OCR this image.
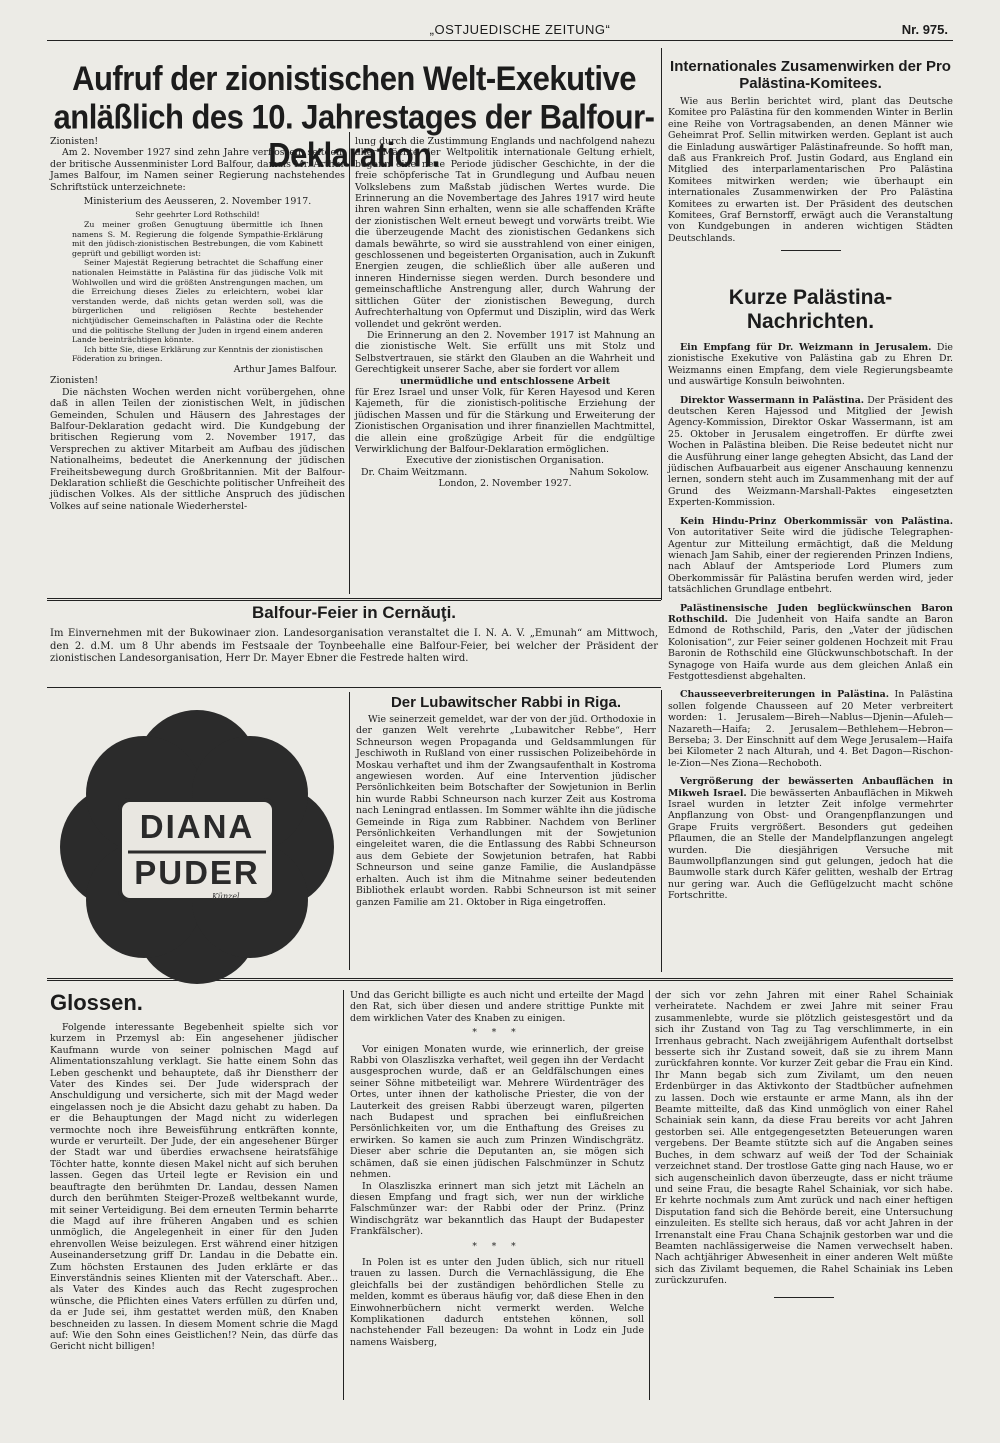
„OSTJUEDISCHE ZEITUNG“	Nr. 975.
Aufruf der zionistischen Welt-Exekutive anläßlich des 10. Jahrestages der Balfour-Deklaration.

Zionisten!

Am 2. November 1927 sind zehn Jahre verflossen, seitdem der britische Aussenminister Lord Balfour, damals Mr. Arthur James Balfour, im Namen seiner Regierung nachstehendes Schriftstück unterzeichnete:

Ministerium des Aeusseren, 2. November 1917.

Sehr geehrter Lord Rothschild!

Zu meiner großen Genugtuung übermittle ich Ihnen namens S. M. Regierung die folgende Sympathie-Erklärung mit den jüdisch-zionistischen Bestrebungen, die vom Kabinett geprüft und gebilligt worden ist:

Seiner Majestät Regierung betrachtet die Schaffung einer nationalen Heimstätte in Palästina für das jüdische Volk mit Wohlwollen und wird die größten Anstrengungen machen, um die Erreichung dieses Zieles zu erleichtern, wobei klar verstanden werde, daß nichts getan werden soll, was die bürgerlichen und religiösen Rechte bestehender nichtjüdischer Gemeinschaften in Palästina oder die Rechte und die politische Stellung der Juden in irgend einem anderen Lande beeinträchtigen könnte.

Ich bitte Sie, diese Erklärung zur Kenntnis der zionistischen Föderation zu bringen.

Arthur James Balfour.

Zionisten!

Die nächsten Wochen werden nicht vorübergehen, ohne daß in allen Teilen der zionistischen Welt, in jüdischen Gemeinden, Schulen und Häusern des Jahrestages der Balfour-Deklaration gedacht wird. Die Kundgebung der britischen Regierung vom 2. November 1917, das Versprechen zu aktiver Mitarbeit am Aufbau des jüdischen Nationalheims, bedeutet die Anerkennung der jüdischen Freiheitsbewegung durch Großbritannien. Mit der Balfour-Deklaration schließt die Geschichte politischer Unfreiheit des jüdischen Volkes. Als der sittliche Anspruch des jüdischen Volkes auf seine nationale Wiederherstel-

lung durch die Zustimmung Englands und nachfolgend nahezu aller Mächte der Weltpolitik internationale Geltung erhielt, begann eine neue Periode jüdischer Geschichte, in der die freie schöpferische Tat in Grundlegung und Aufbau neuen Volkslebens zum Maßstab jüdischen Wertes wurde. Die Erinnerung an die Novembertage des Jahres 1917 wird heute ihren wahren Sinn erhalten, wenn sie alle schaffenden Kräfte der zionistischen Welt erneut bewegt und vorwärts treibt. Wie die überzeugende Macht des zionistischen Gedankens sich damals bewährte, so wird sie ausstrahlend von einer einigen, geschlossenen und begeisterten Organisation, auch in Zukunft Energien zeugen, die schließlich über alle außeren und inneren Hindernisse siegen werden. Durch besondere und gemeinschaftliche Anstrengung aller, durch Wahrung der sittlichen Güter der zionistischen Bewegung, durch Aufrechterhaltung von Opfermut und Disziplin, wird das Werk vollendet und gekrönt werden.

Die Erinnerung an den 2. November 1917 ist Mahnung an die zionistische Welt. Sie erfüllt uns mit Stolz und Selbstvertrauen, sie stärkt den Glauben an die Wahrheit und Gerechtigkeit unserer Sache, aber sie fordert vor allem

unermüdliche und entschlossene Arbeit

für Erez Israel und unser Volk, für Keren Hayesod und Keren Kajemeth, für die zionistisch-politische Erziehung der jüdischen Massen und für die Stärkung und Erweiterung der Zionistischen Organisation und ihrer finanziellen Machtmittel, die allein eine großzügige Arbeit für die endgültige Verwirklichung der Balfour-Deklaration ermöglichen.

Executive der zionistischen Organisation.

Dr. Chaim Weitzmann.	Nahum Sokolow.

London, 2. November 1927.

Internationales Zusamenwirken der Pro Palästina-Komitees.

Wie aus Berlin berichtet wird, plant das Deutsche Komitee pro Palästina für den kommenden Winter in Berlin eine Reihe von Vortragsabenden, an denen Männer wie Geheimrat Prof. Sellin mitwirken werden. Geplant ist auch die Einladung auswärtiger Palästinafreunde. So hofft man, daß aus Frankreich Prof. Justin Godard, aus England ein Mitglied des interparlamentarischen Pro Palästina Komitees mitwirken werden; wie überhaupt ein internationales Zusammenwirken der Pro Palästina Komitees zu erwarten ist. Der Präsident des deutschen Komitees, Graf Bernstorff, erwägt auch die Veranstaltung von Kundgebungen in anderen wichtigen Städten Deutschlands.

Kurze Palästina-Nachrichten.

Ein Empfang für Dr. Weizmann in Jerusalem. Die zionistische Exekutive von Palästina gab zu Ehren Dr. Weizmanns einen Empfang, dem viele Regierungsbeamte und auswärtige Konsuln beiwohnten.

Direktor Wassermann in Palästina. Der Präsident des deutschen Keren Hajessod und Mitglied der Jewish Agency-Kommission, Direktor Oskar Wassermann, ist am 25. Oktober in Jerusalem eingetroffen. Er dürfte zwei Wochen in Palästina bleiben. Die Reise bedeutet nicht nur die Ausführung einer lange gehegten Absicht, das Land der jüdischen Aufbauarbeit aus eigener Anschauung kennenzu lernen, sondern steht auch im Zusammenhang mit der auf Grund des Weizmann-Marshall-Paktes eingesetzten Experten-Kommission.

Kein Hindu-Prinz Oberkommissär von Palästina. Von autoritativer Seite wird die jüdische Telegraphen-Agentur zur Mitteilung ermächtigt, daß die Meldung wienach Jam Sahib, einer der regierenden Prinzen Indiens, nach Ablauf der Amtsperiode Lord Plumers zum Oberkommissär für Palästina berufen werden wird, jeder tatsächlichen Grundlage entbehrt.

Palästinensische Juden beglückwünschen Baron Rothschild. Die Judenheit von Haifa sandte an Baron Edmond de Rothschild, Paris, den „Vater der jüdischen Kolonisation“, zur Feier seiner goldenen Hochzeit mit Frau Baronin de Rothschild eine Glückwunschbotschaft. In der Synagoge von Haifa wurde aus dem gleichen Anlaß ein Festgottesdienst abgehalten.

Chausseeverbreiterungen in Palästina. In Palästina sollen folgende Chausseen auf 20 Meter verbreitert worden: 1. Jerusalem—Bireh—Nablus—Djenin—Afuleh—Nazareth—Haifa; 2. Jerusalem—Bethlehem—Hebron—Berseba; 3. Der Einschnitt auf dem Wege Jerusalem—Haifa bei Kilometer 2 nach Alturah, und 4. Bet Dagon—Rischon-le-Zion—Nes Ziona—Rechoboth.

Vergrößerung der bewässerten Anbauflächen in Mikweh Israel. Die bewässerten Anbauflächen in Mikweh Israel wurden in letzter Zeit infolge vermehrter Anpflanzung von Obst- und Orangenpflanzungen und Grape Fruits vergrößert. Besonders gut gedeihen Pflaumen, die an Stelle der Mandelpflanzungen angelegt wurden. Die diesjährigen Versuche mit Baumwollpflanzungen sind gut gelungen, jedoch hat die Baumwolle stark durch Käfer gelitten, weshalb der Ertrag nur gering war. Auch die Geflügelzucht macht schöne Fortschritte.

Balfour-Feier in Cernăuţi.

Im Einvernehmen mit der Bukowinaer zion. Landesorganisation veranstaltet die I. N. A. V. „Emunah“ am Mittwoch, den 2. d.M. um 8 Uhr abends im Festsaale der Toynbeehalle eine Balfour-Feier, bei welcher der Präsident der zionistischen Landesorganisation, Herr Dr. Mayer Ebner die Festrede halten wird.

DIANA
PUDER
Künzel
Der Lubawitscher Rabbi in Riga.

Wie seinerzeit gemeldet, war der von der jüd. Orthodoxie in der ganzen Welt verehrte „Lubawitcher Rebbe“, Herr Schneurson wegen Propaganda und Geldsammlungen für Jeschiwoth in Rußland von einer russischen Polizeibehörde in Moskau verhaftet und ihm der Zwangsaufenthalt in Kostroma angewiesen worden. Auf eine Intervention jüdischer Persönlichkeiten beim Botschafter der Sowjetunion in Berlin hin wurde Rabbi Schneurson nach kurzer Zeit aus Kostroma nach Leningrad entlassen. Im Sommer wählte ihn die jüdische Gemeinde in Riga zum Rabbiner. Nachdem von Berliner Persönlichkeiten Verhandlungen mit der Sowjetunion eingeleitet waren, die die Entlassung des Rabbi Schneurson aus dem Gebiete der Sowjetunion betrafen, hat Rabbi Schneurson und seine ganze Familie, die Auslandpässe erhalten. Auch ist ihm die Mitnahme seiner bedeutenden Bibliothek erlaubt worden. Rabbi Schneurson ist mit seiner ganzen Familie am 21. Oktober in Riga eingetroffen.

Glossen.

Folgende interessante Begebenheit spielte sich vor kurzem in Przemysl ab: Ein angesehener jüdischer Kaufmann wurde von seiner polnischen Magd auf Alimentationszahlung verklagt. Sie hatte einem Sohn das Leben geschenkt und behauptete, daß ihr Dienstherr der Vater des Kindes sei. Der Jude widersprach der Anschuldigung und versicherte, sich mit der Magd weder eingelassen noch je die Absicht dazu gehabt zu haben. Da er die Behauptungen der Magd nicht zu widerlegen vermochte noch ihre Beweisführung entkräften konnte, wurde er verurteilt. Der Jude, der ein angesehener Bürger der Stadt war und überdies erwachsene heiratsfähige Töchter hatte, konnte diesen Makel nicht auf sich beruhen lassen. Gegen das Urteil legte er Revision ein und beauftragte den berühmten Dr. Landau, dessen Namen durch den berühmten Steiger-Prozeß weltbekannt wurde, mit seiner Verteidigung. Bei dem erneuten Termin beharrte die Magd auf ihre früheren Angaben und es schien unmöglich, die Angelegenheit in einer für den Juden ehrenvollen Weise beizulegen. Erst während einer hitzigen Auseinandersetzung griff Dr. Landau in die Debatte ein. Zum höchsten Erstaunen des Juden erklärte er das Einverständnis seines Klienten mit der Vaterschaft. Aber... als Vater des Kindes auch das Recht zugesprochen wünsche, die Pflichten eines Vaters erfüllen zu dürfen und, da er Jude sei, ihm gestattet werden müß, den Knaben beschneiden zu lassen. In diesem Moment schrie die Magd auf: Wie den Sohn eines Geistlichen!? Nein, das dürfe das Gericht nicht billigen!

Und das Gericht billigte es auch nicht und erteilte der Magd den Rat, sich über diesen und andere strittige Punkte mit dem wirklichen Vater des Knaben zu einigen.

* * *

Vor einigen Monaten wurde, wie erinnerlich, der greise Rabbi von Olaszliszka verhaftet, weil gegen ihn der Verdacht ausgesprochen wurde, daß er an Geldfälschungen eines seiner Söhne mitbeteiligt war. Mehrere Würdenträger des Ortes, unter ihnen der katholische Priester, die von der Lauterkeit des greisen Rabbi überzeugt waren, pilgerten nach Budapest und sprachen bei einflußreichen Persönlichkeiten vor, um die Enthaftung des Greises zu erwirken. So kamen sie auch zum Prinzen Windischgrätz. Dieser aber schrie die Deputanten an, sie mögen sich schämen, daß sie einen jüdischen Falschmünzer in Schutz nehmen.

In Olaszliszka erinnert man sich jetzt mit Lächeln an diesen Empfang und fragt sich, wer nun der wirkliche Falschmünzer war: der Rabbi oder der Prinz. (Prinz Windischgrätz war bekanntlich das Haupt der Budapester Frankfälscher).

* * *

In Polen ist es unter den Juden üblich, sich nur rituell trauen zu lassen. Durch die Vernachlässigung, die Ehe gleichfalls bei der zuständigen behördlichen Stelle zu melden, kommt es überaus häufig vor, daß diese Ehen in den Einwohnerbüchern nicht vermerkt werden. Welche Komplikationen dadurch entstehen können, soll nachstehender Fall bezeugen: Da wohnt in Lodz ein Jude namens Waisberg,

der sich vor zehn Jahren mit einer Rahel Schainiak verheiratete. Nachdem er zwei Jahre mit seiner Frau zusammenlebte, wurde sie plötzlich geistesgestört und da sich ihr Zustand von Tag zu Tag verschlimmerte, in ein Irrenhaus gebracht. Nach zweijährigem Aufenthalt dortselbst besserte sich ihr Zustand soweit, daß sie zu ihrem Mann zurückfahren konnte. Vor kurzer Zeit gebar die Frau ein Kind. Ihr Mann begab sich zum Zivilamt, um den neuen Erdenbürger in das Aktivkonto der Stadtbücher aufnehmen zu lassen. Doch wie erstaunte er arme Mann, als ihn der Beamte mitteilte, daß das Kind unmöglich von einer Rahel Schainiak sein kann, da diese Frau bereits vor acht Jahren gestorben sei. Alle entgegengesetzten Beteuerungen waren vergebens. Der Beamte stützte sich auf die Angaben seines Buches, in dem schwarz auf weiß der Tod der Schainiak verzeichnet stand. Der trostlose Gatte ging nach Hause, wo er sich augenscheinlich davon überzeugte, dass er nicht träume und seine Frau, die besagte Rahel Schainiak, vor sich habe. Er kehrte nochmals zum Amt zurück und nach einer heftigen Disputation fand sich die Behörde bereit, eine Untersuchung einzuleiten. Es stellte sich heraus, daß vor acht Jahren in der Irrenanstalt eine Frau Chana Schajnik gestorben war und die Beamten nachlässigerweise die Namen verwechselt haben. Nach achtjähriger Abwesenheit in einer anderen Welt müßte sich das Zivilamt bequemen, die Rahel Schainiak ins Leben zurückzurufen.
